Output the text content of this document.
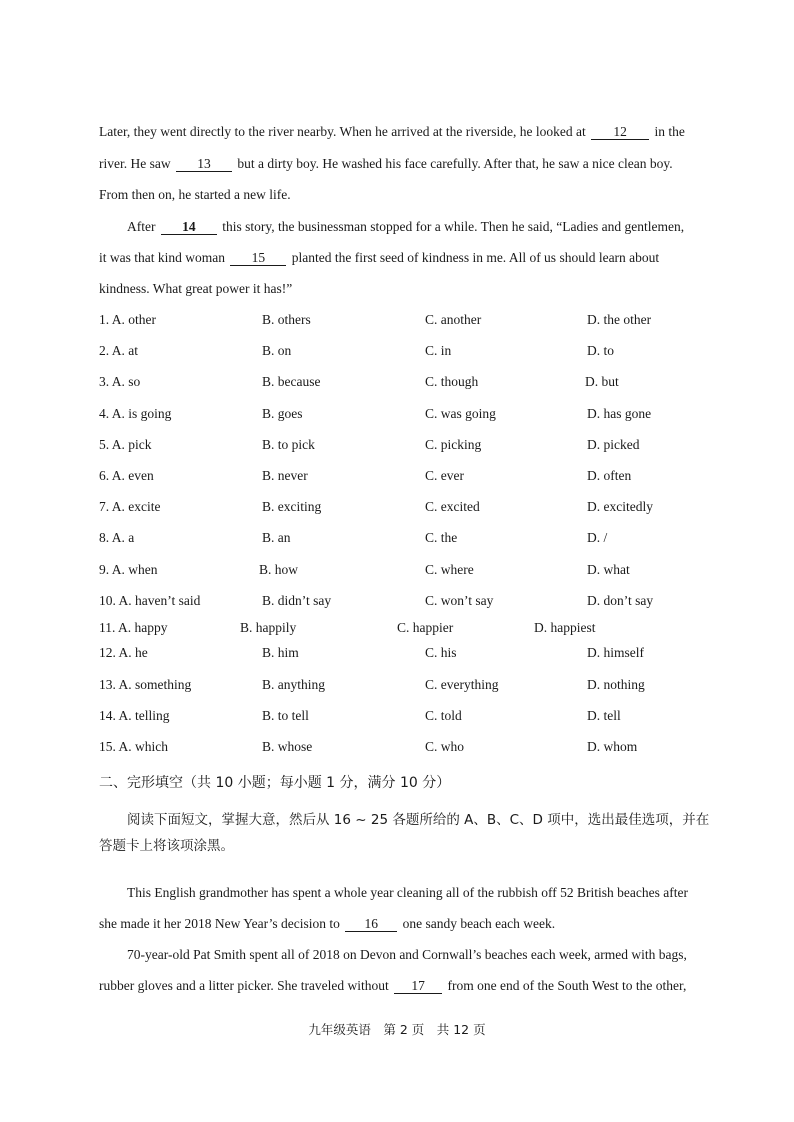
Later, they went directly to the river nearby. When he arrived at the riverside, he looked at 12 in the
river. He saw 13 but a dirty boy. He washed his face carefully. After that, he saw a nice clean boy.
From then on, he started a new life.
After 14 this story, the businessman stopped for a while. Then he said, “Ladies and gentlemen,
it was that kind woman 15 planted the first seed of kindness in me. All of us should learn about
kindness. What great power it has!”
1. A. other	B. others	C. another	D. the other
2. A. at	B. on	C. in	D. to
3. A. so	B. because	C. though	D. but
4. A. is going	B. goes	C. was going	D. has gone
5. A. pick	B. to pick	C. picking	D. picked
6. A. even	B. never	C. ever	D. often
7. A. excite	B. exciting	C. excited	D. excitedly
8. A. a	B. an	C. the	D. /
9. A. when	B. how	C. where	D. what
10. A. haven’t said	B. didn’t say	C. won’t say	D. don’t say
11. A. happy	B. happily	C. happier	D. happiest
12. A. he	B. him	C. his	D. himself
13. A. something	B. anything	C. everything	D. nothing
14. A. telling	B. to tell	C. told	D. tell
15. A. which	B. whose	C. who	D. whom
二、完形填空（共 10 小题；每小题 1 分，满分 10 分）
阅读下面短文，掌握大意，然后从 16 ~ 25 各题所给的 A、B、C、D 项中，选出最佳选项，并在
答题卡上将该项涂黑。
This English grandmother has spent a whole year cleaning all of the rubbish off 52 British beaches after
she made it her 2018 New Year’s decision to 16 one sandy beach each week.
70-year-old Pat Smith spent all of 2018 on Devon and Cornwall’s beaches each week, armed with bags,
rubber gloves and a litter picker. She traveled without 17 from one end of the South West to the other,
九年级英语　第 2 页　共 12 页
